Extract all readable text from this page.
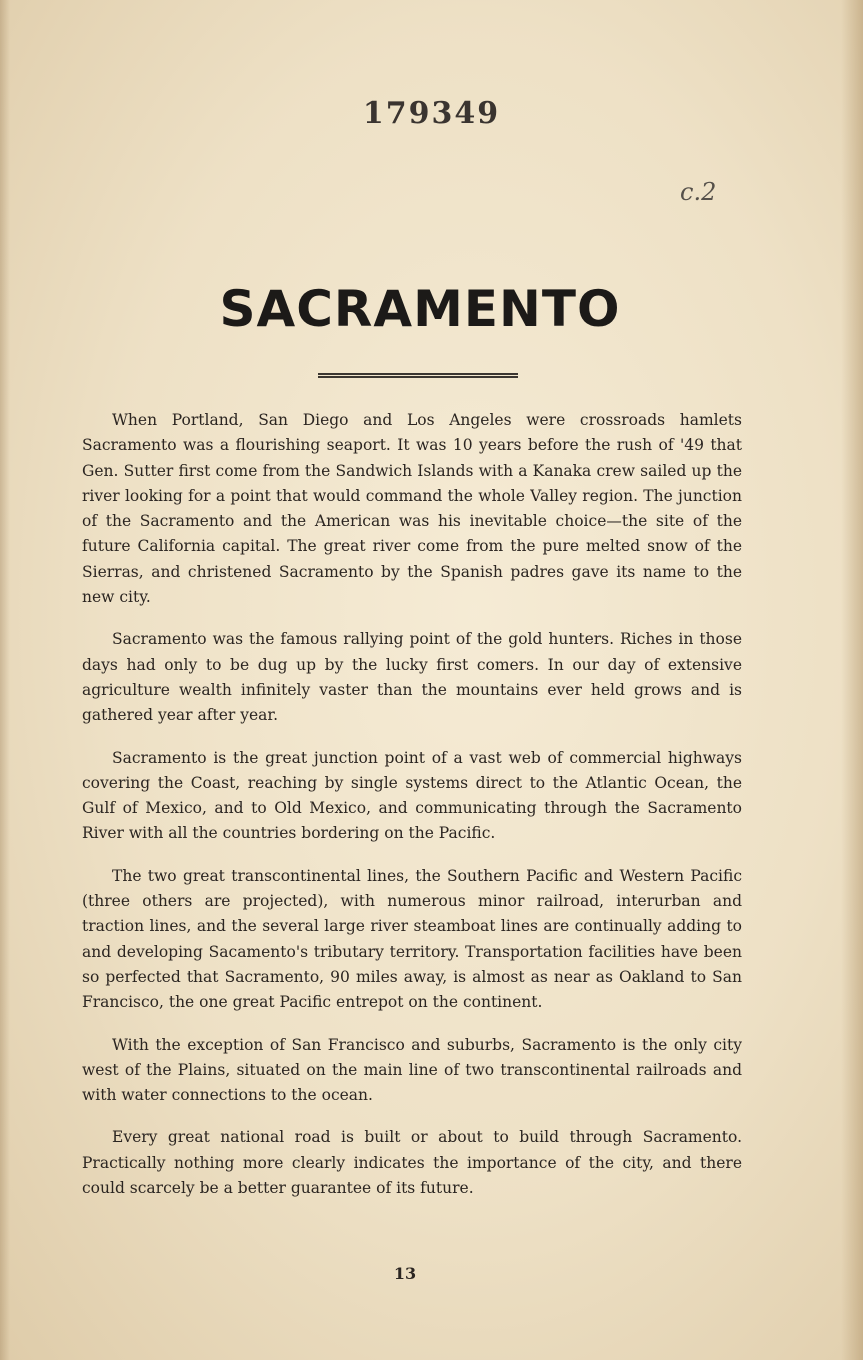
179349
c.2
SACRAMENTO

When Portland, San Diego and Los Angeles were crossroads hamlets Sacramento was a flourishing seaport. It was 10 years before the rush of '49 that Gen. Sutter first come from the Sandwich Islands with a Kanaka crew sailed up the river looking for a point that would command the whole Valley region. The junction of the Sacramento and the American was his inevitable choice—the site of the future California capital. The great river come from the pure melted snow of the Sierras, and christened Sacramento by the Spanish padres gave its name to the new city.

Sacramento was the famous rallying point of the gold hunters. Riches in those days had only to be dug up by the lucky first comers. In our day of extensive agriculture wealth infinitely vaster than the mountains ever held grows and is gathered year after year.

Sacramento is the great junction point of a vast web of commercial highways covering the Coast, reaching by single systems direct to the Atlantic Ocean, the Gulf of Mexico, and to Old Mexico, and communicating through the Sacramento River with all the countries bordering on the Pacific.

The two great transcontinental lines, the Southern Pacific and Western Pacific (three others are projected), with numerous minor railroad, interurban and traction lines, and the several large river steamboat lines are continually adding to and developing Sacamento's tributary territory. Transportation facilities have been so perfected that Sacramento, 90 miles away, is almost as near as Oakland to San Francisco, the one great Pacific entrepot on the continent.

With the exception of San Francisco and suburbs, Sacramento is the only city west of the Plains, situated on the main line of two transcontinental railroads and with water connections to the ocean.

Every great national road is built or about to build through Sacramento. Practically nothing more clearly indicates the importance of the city, and there could scarcely be a better guarantee of its future.

13
